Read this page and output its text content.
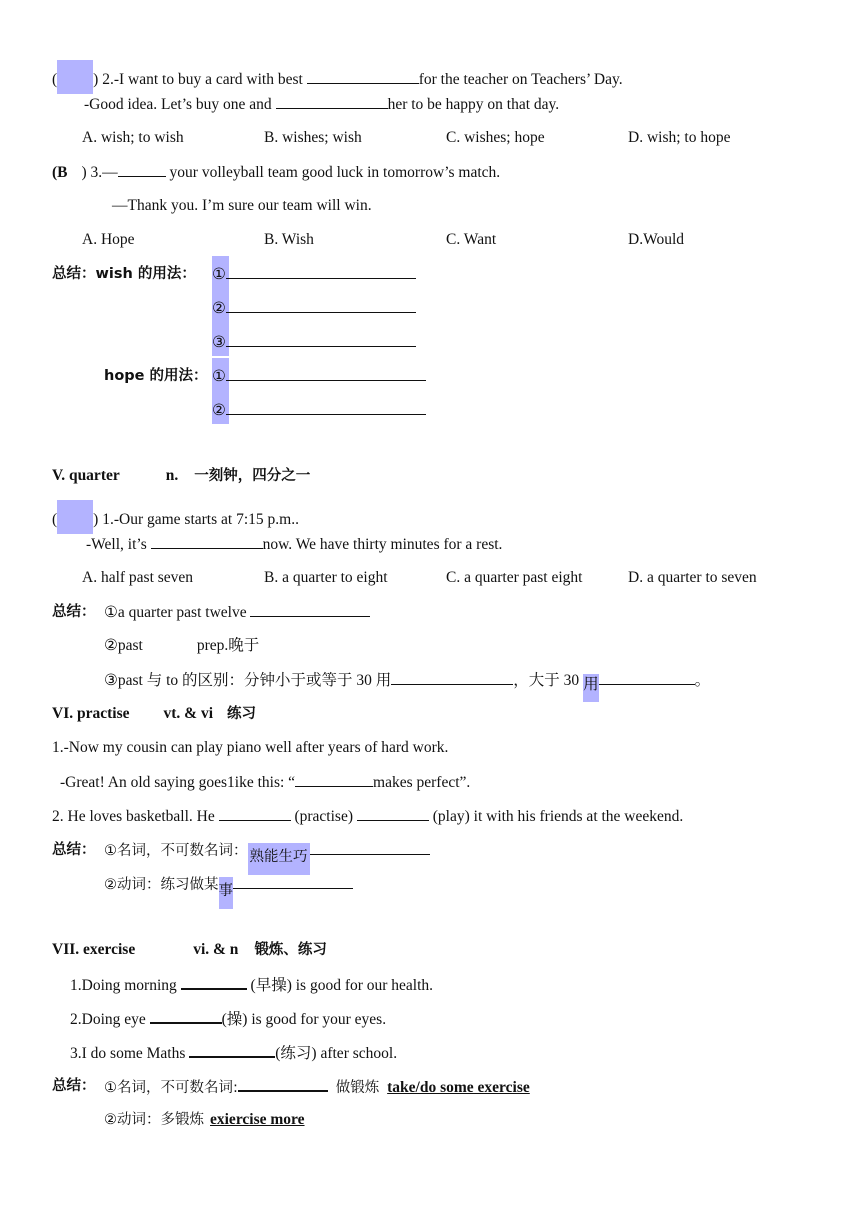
( ) 2.-I want to buy a card with best	for the teacher on Teachers’ Day.
-Good idea. Let’s buy one and	her to be happy on that day.
A. wish; to wish	B. wishes; wish	C. wishes; hope	D. wish; to hope
(B ) 3.—	your volleyball team good luck in tomorrow’s match.
—Thank you. I’m sure our team will win.
A. Hope	B. Wish	C. Want	D.Would
总结：wish 的用法： ①
②
③
hope 的用法： ①
②
V. quarter	n. 一刻钟，四分之一
( ) 1.-Our game starts at 7:15 p.m..
-Well, it’s	now. We have thirty minutes for a rest.
A. half past seven	B. a quarter to eight	C. a quarter past eight	D. a quarter to seven
总结： ①a quarter past twelve
②past	prep.晚于
③past 与 to 的区别：分钟小于或等于 30 用	，大于 30 用	。
VI. practise vt. & vi 练习
1.-Now my cousin can play piano well after years of hard work.
-Great! An old saying goes1ike this: “	makes perfect”.
2. He loves basketball. He	(practise)	(play) it with his friends at the weekend.
总结： ①名词，不可数名词： 熟能生巧
②动词：练习做某事
VII. exercise	vi. & n 锻炼、练习
1.Doing morning	(早操) is good for our health.
2.Doing eye	(操) is good for your eyes.
3.I do some Maths	(练习) after school.
总结： ①名词，不可数名词:	做锻炼 take/do some exercise
②动词：多锻炼 exiercise more
